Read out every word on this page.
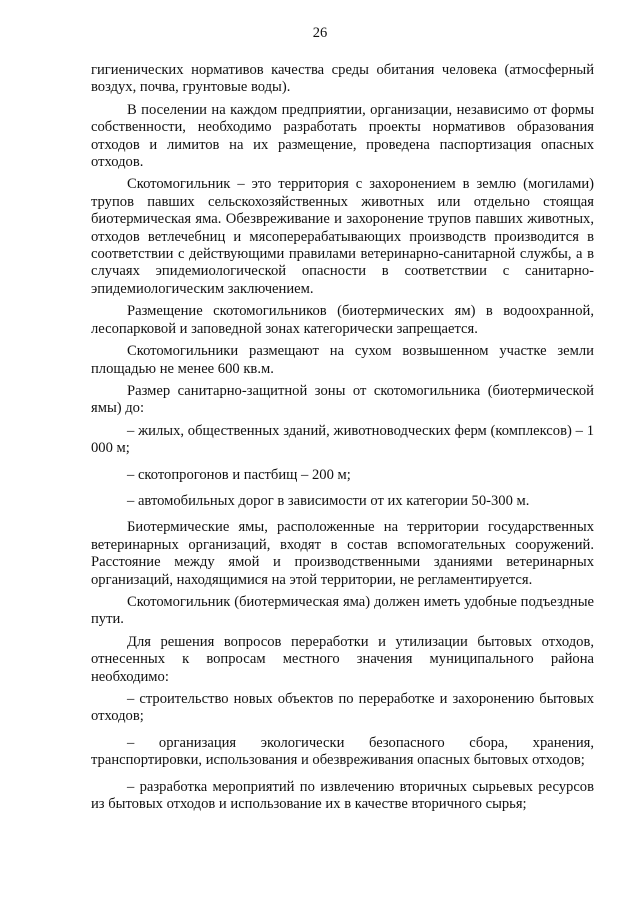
26

гигиенических нормативов качества среды обитания человека (атмосферный воздух, почва, грунтовые воды).

В поселении на каждом предприятии, организации, независимо от формы собственности, необходимо разработать проекты нормативов образования отходов и лимитов на их размещение, проведена паспортизация опасных отходов.

Скотомогильник – это территория с захоронением в землю (могилами) трупов павших сельскохозяйственных животных или отдельно стоящая биотермическая яма. Обезвреживание и захоронение трупов павших животных, отходов ветлечебниц и мясоперерабатывающих производств производится в соответствии с действующими правилами ветеринарно-санитарной службы, а в случаях эпидемиологической опасности в соответствии с санитарно-эпидемиологическим заключением.

Размещение скотомогильников (биотермических ям) в водоохранной, лесопарковой и заповедной зонах категорически запрещается.

Скотомогильники размещают на сухом возвышенном участке земли площадью не менее 600 кв.м.

Размер санитарно-защитной зоны от скотомогильника (биотермической ямы) до:

– жилых, общественных зданий, животноводческих ферм (комплексов) – 1 000 м;

– скотопрогонов и пастбищ – 200 м;

– автомобильных дорог в зависимости от их категории 50-300 м.

Биотермические ямы, расположенные на территории государственных ветеринарных организаций, входят в состав вспомогательных сооружений. Расстояние между ямой и производственными зданиями ветеринарных организаций, находящимися на этой территории, не регламентируется.

Скотомогильник (биотермическая яма) должен иметь удобные подъездные пути.

Для решения вопросов переработки и утилизации бытовых отходов, отнесенных к вопросам местного значения муниципального района необходимо:

– строительство новых объектов по переработке и захоронению бытовых отходов;

– организация экологически безопасного сбора, хранения, транспортировки, использования и обезвреживания опасных бытовых отходов;

– разработка мероприятий по извлечению вторичных сырьевых ресурсов из бытовых отходов и использование их в качестве вторичного сырья;
